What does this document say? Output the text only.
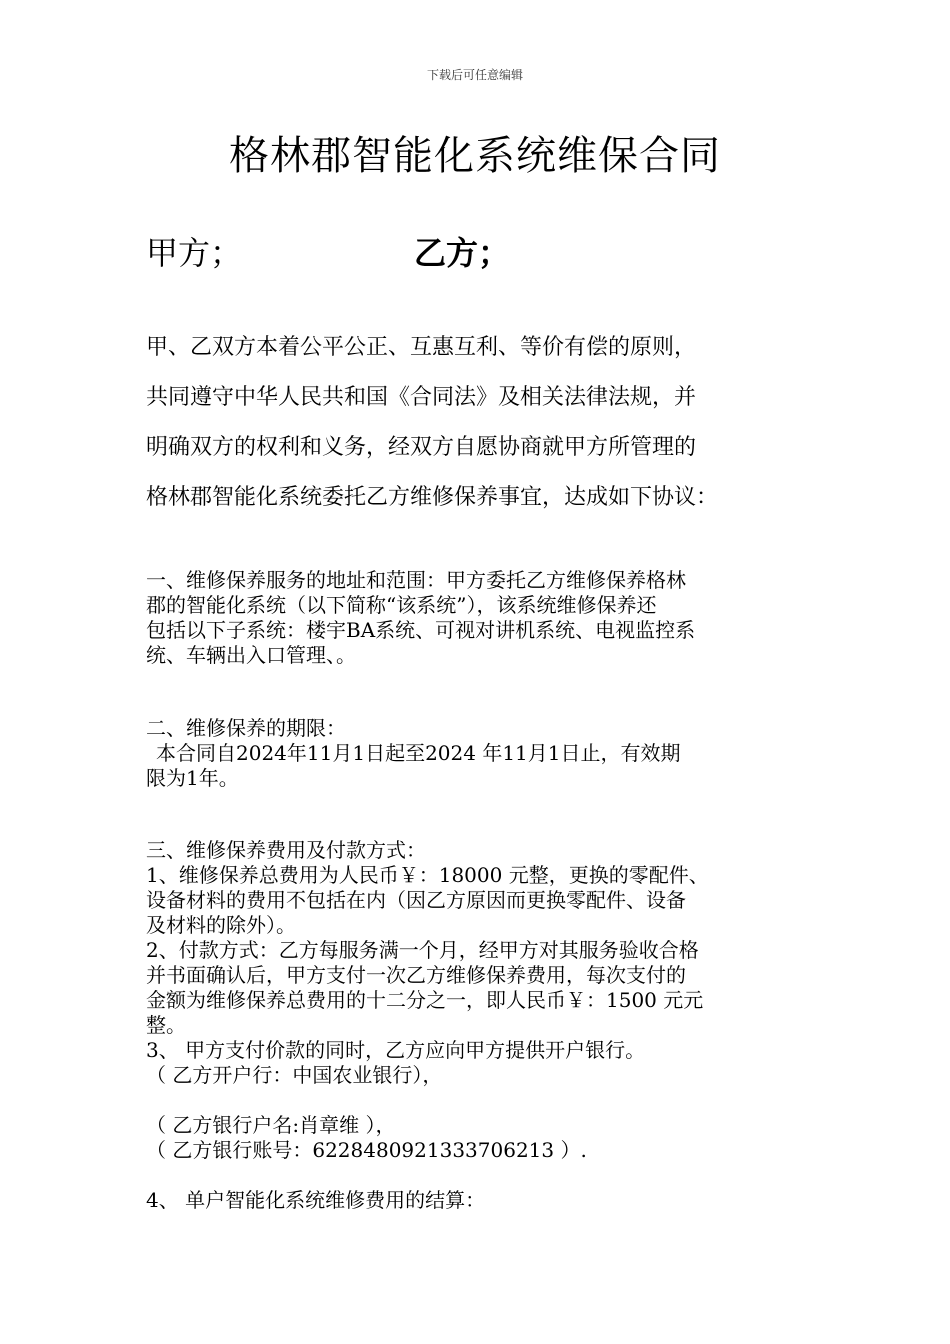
下载后可任意编辑
格林郡智能化系统维保合同
甲方；	乙方；
甲、乙双方本着公平公正、互惠互利、等价有偿的原则，
共同遵守中华人民共和国《合同法》及相关法律法规，并
明确双方的权利和义务，经双方自愿协商就甲方所管理的
格林郡智能化系统委托乙方维修保养事宜，达成如下协议：
一、维修保养服务的地址和范围：甲方委托乙方维修保养格林
郡的智能化系统（以下简称“该系统”），该系统维修保养还
包括以下子系统：楼宇BA系统、可视对讲机系统、电视监控系
统、车辆出入口管理、。
二、维修保养的期限：
本合同自2024年11月1日起至2024 年11月1日止，有效期
限为1年。
三、维修保养费用及付款方式：
1、维修保养总费用为人民币￥：18000 元整，更换的零配件、
设备材料的费用不包括在内（因乙方原因而更换零配件、设备
及材料的除外）。
2、付款方式：乙方每服务满一个月，经甲方对其服务验收合格
并书面确认后，甲方支付一次乙方维修保养费用，每次支付的
金额为维修保养总费用的十二分之一，即人民币￥：1500 元元
整。
3、 甲方支付价款的同时，乙方应向甲方提供开户银行。
（ 乙方开户行：中国农业银行），
（ 乙方银行户名:肖章维 ），
（ 乙方银行账号：6228480921333706213 ）.
4、 单户智能化系统维修费用的结算：
